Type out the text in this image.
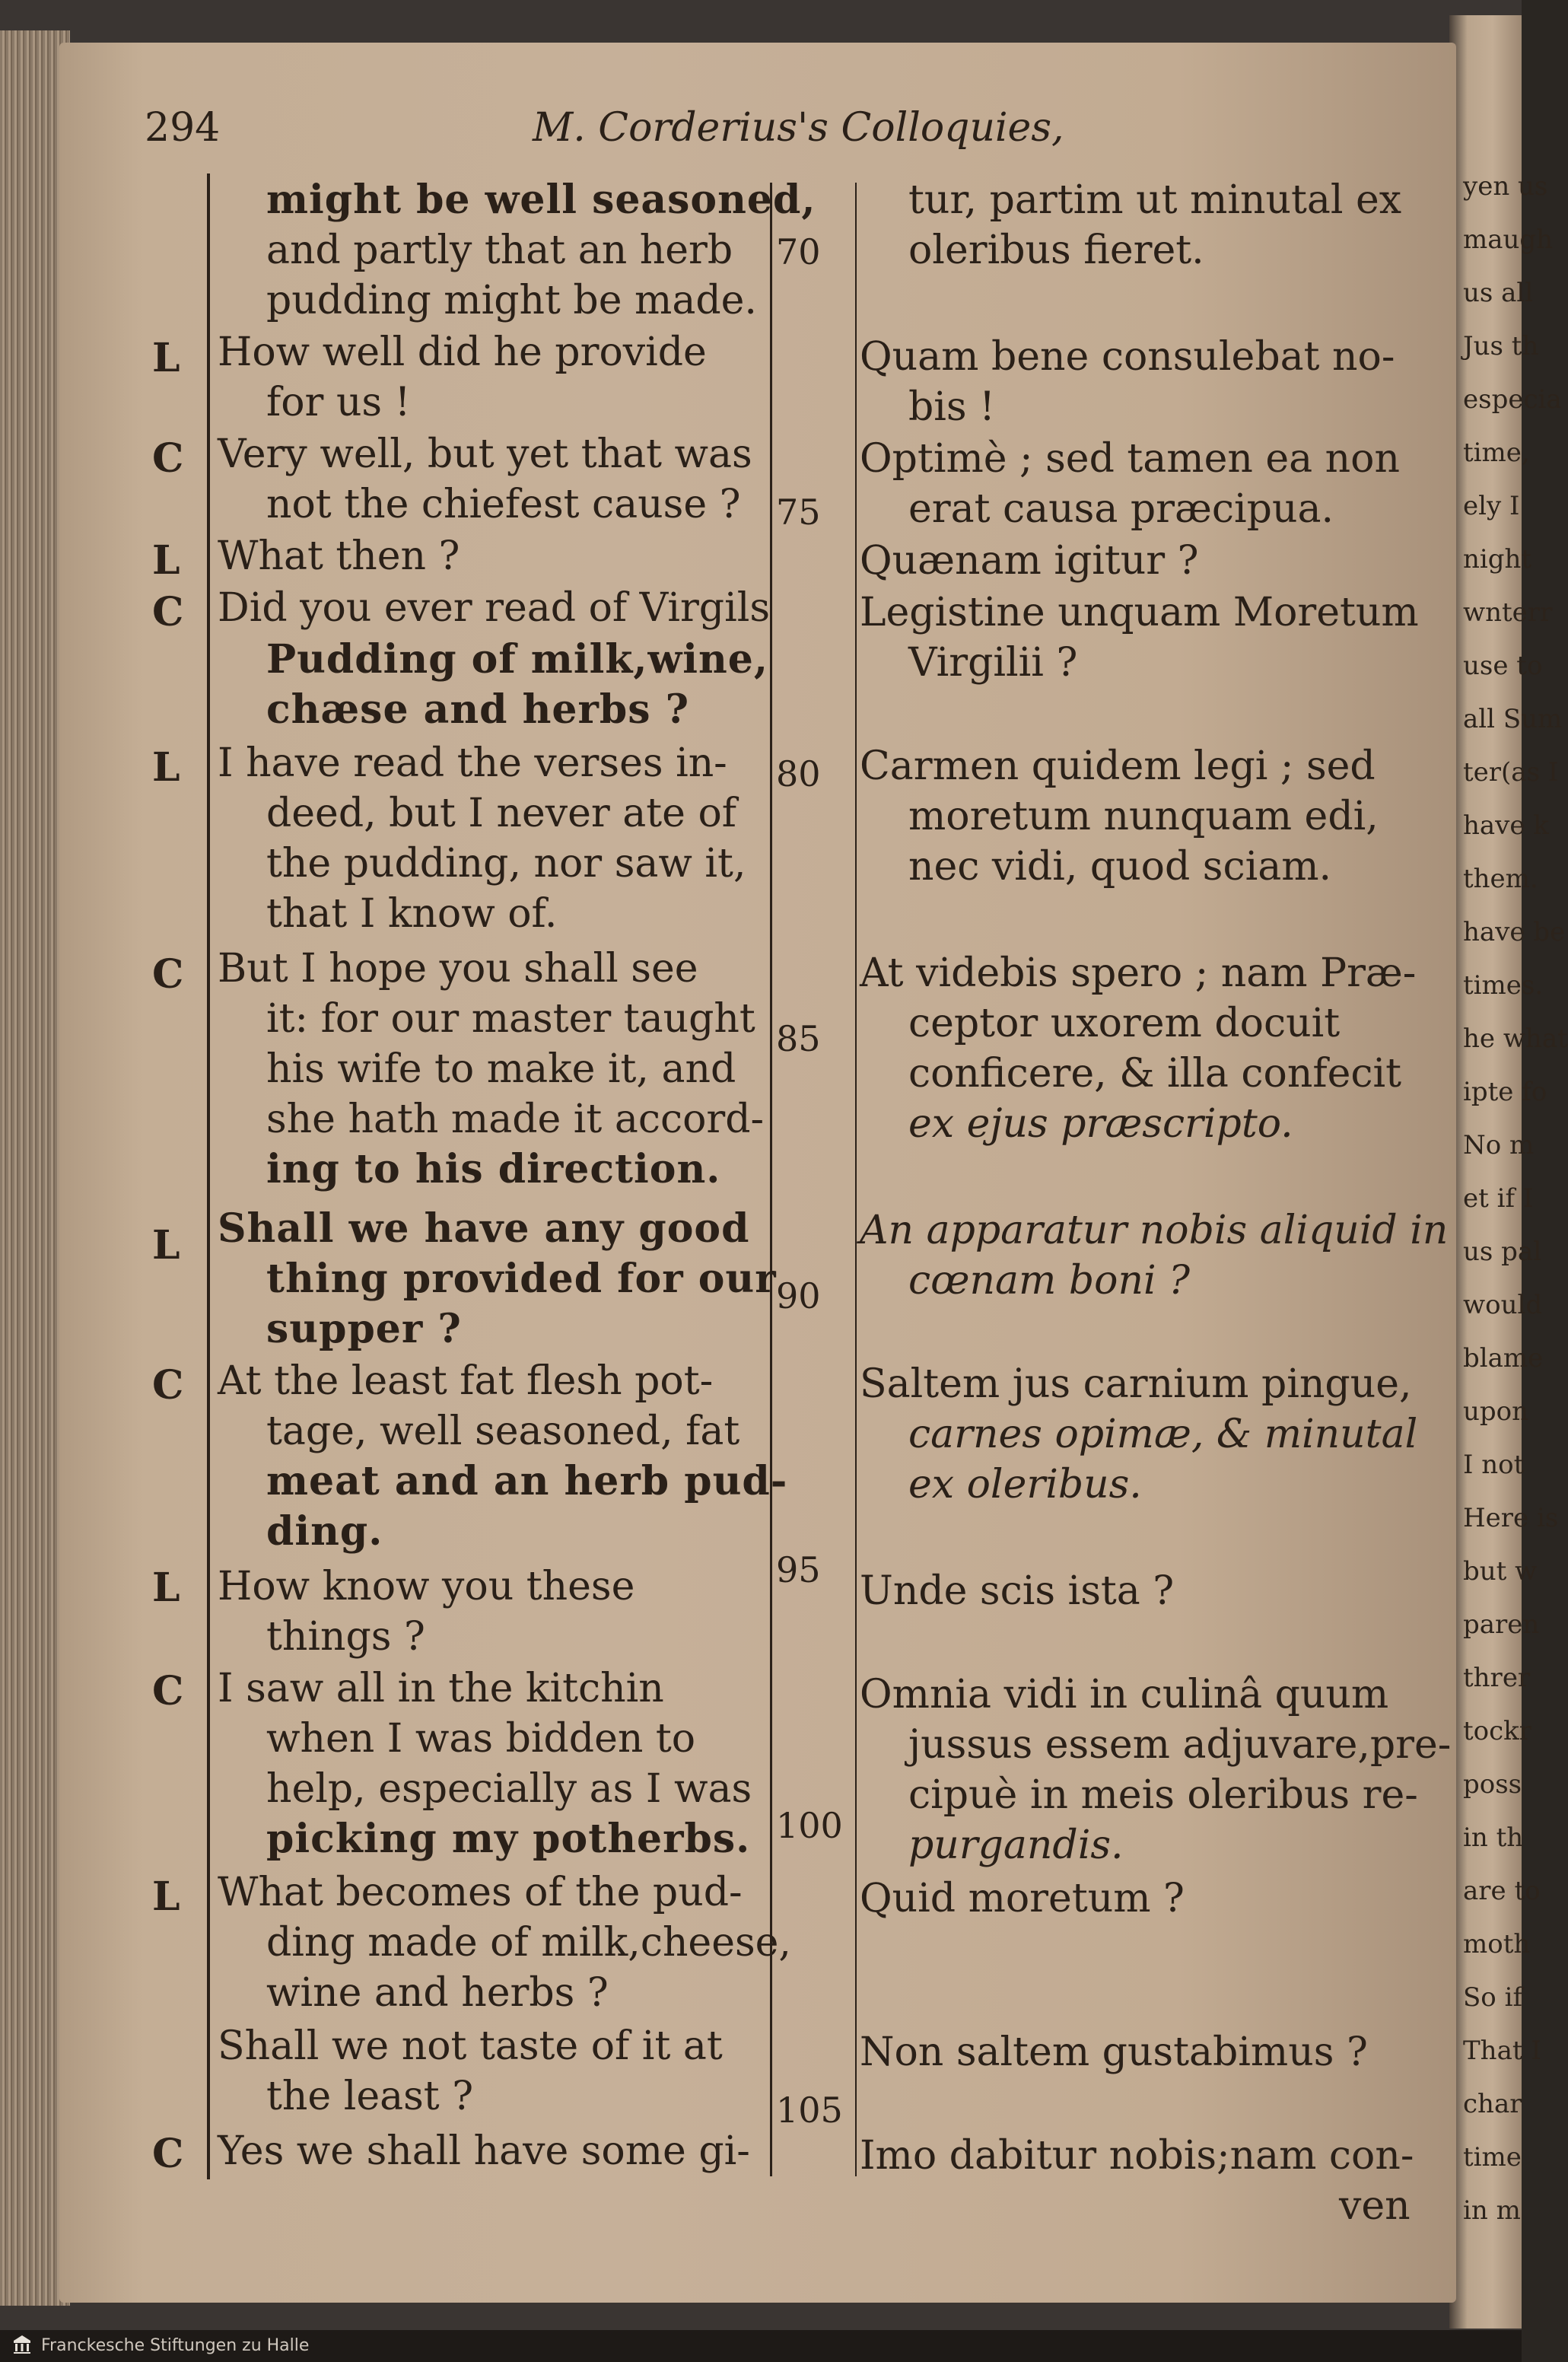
yen us
maugh
us all
Jus th
especia
time,
ely I
night
wnterr
use to
all Sum
ter(as I
have k
them.
have be
times.
he what
ipte fo
No m
et if I
us pal
would
blame
upon
I not
Here is
but w
paren
threr
tockr
poss
in th
are to
moth
So if
That I
char
time
in m
294	M. Corderius's Colloquies,
L
C
L
C
L
C
L
C
L
C
L
C
70
75
80
85
90
95
100
105
might be well seasoned,
and partly that an herb
pudding might be made.
How well did he provide
for us !
Very well, but yet that was
not the chiefest cause ?
What then ?
Did you ever read of Virgils
Pudding of milk,wine,
chæse and herbs ?
I have read the verses in-
deed, but I never ate of
the pudding, nor saw it,
that I know of.
But I hope you shall see
it: for our master taught
his wife to make it, and
she hath made it accord-
ing to his direction.
Shall we have any good
thing provided for our
supper ?
At the least fat flesh pot-
tage, well seasoned, fat
meat and an herb pud-
ding.
How know you these
things ?
I saw all in the kitchin
when I was bidden to
help, especially as I was
picking my potherbs.
What becomes of the pud-
ding made of milk,cheese,
wine and herbs ?
Shall we not taste of it at
the least ?
Yes we shall have some gi-
tur, partim ut minutal ex
oleribus fieret.
Quam bene consulebat no-
bis !
Optimè ; sed tamen ea non
erat causa præcipua.
Quænam igitur ?
Legistine unquam Moretum
Virgilii ?
Carmen quidem legi ; sed
moretum nunquam edi,
nec vidi, quod sciam.
At videbis spero ; nam Præ-
ceptor uxorem docuit
conficere, & illa confecit
ex ejus præscripto.
An apparatur nobis aliquid in
cœnam boni ?
Saltem jus carnium pingue,
carnes opimæ, & minutal
ex oleribus.
Unde scis ista ?
Omnia vidi in culinâ quum
jussus essem adjuvare,pre-
cipuè in meis oleribus re-
purgandis.
Quid moretum ?
Non saltem gustabimus ?
Imo dabitur nobis;nam con-
ven
Franckesche Stiftungen zu Halle
